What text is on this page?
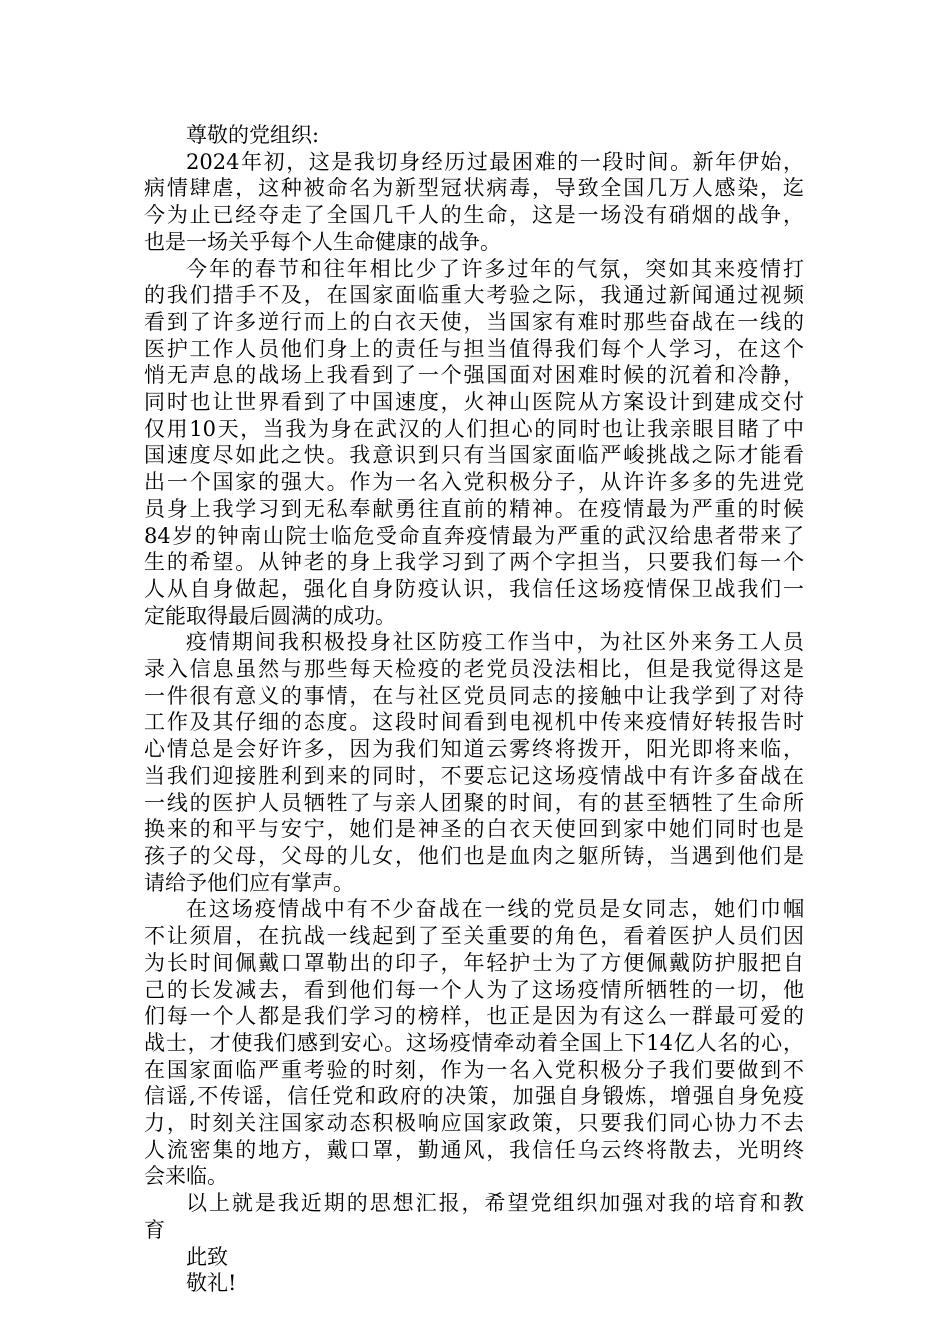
尊敬的党组织:
2024年初，这是我切身经历过最困难的一段时间。新年伊始，
病情肆虐，这种被命名为新型冠状病毒，导致全国几万人感染，迄
今为止已经夺走了全国几千人的生命，这是一场没有硝烟的战争，
也是一场关乎每个人生命健康的战争。
今年的春节和往年相比少了许多过年的气氛，突如其来疫情打
的我们措手不及，在国家面临重大考验之际，我通过新闻通过视频
看到了许多逆行而上的白衣天使，当国家有难时那些奋战在一线的
医护工作人员他们身上的责任与担当值得我们每个人学习，在这个
悄无声息的战场上我看到了一个强国面对困难时候的沉着和冷静，
同时也让世界看到了中国速度，火神山医院从方案设计到建成交付
仅用10天，当我为身在武汉的人们担心的同时也让我亲眼目睹了中
国速度尽如此之快。我意识到只有当国家面临严峻挑战之际才能看
出一个国家的强大。作为一名入党积极分子，从许许多多的先进党
员身上我学习到无私奉献勇往直前的精神。在疫情最为严重的时候
84岁的钟南山院士临危受命直奔疫情最为严重的武汉给患者带来了
生的希望。从钟老的身上我学习到了两个字担当，只要我们每一个
人从自身做起，强化自身防疫认识，我信任这场疫情保卫战我们一
定能取得最后圆满的成功。
疫情期间我积极投身社区防疫工作当中，为社区外来务工人员
录入信息虽然与那些每天检疫的老党员没法相比，但是我觉得这是
一件很有意义的事情，在与社区党员同志的接触中让我学到了对待
工作及其仔细的态度。这段时间看到电视机中传来疫情好转报告时
心情总是会好许多，因为我们知道云雾终将拨开，阳光即将来临，
当我们迎接胜利到来的同时，不要忘记这场疫情战中有许多奋战在
一线的医护人员牺牲了与亲人团聚的时间，有的甚至牺牲了生命所
换来的和平与安宁，她们是神圣的白衣天使回到家中她们同时也是
孩子的父母，父母的儿女，他们也是血肉之躯所铸，当遇到他们是
请给予他们应有掌声。
在这场疫情战中有不少奋战在一线的党员是女同志，她们巾帼
不让须眉，在抗战一线起到了至关重要的角色，看着医护人员们因
为长时间佩戴口罩勒出的印子，年轻护士为了方便佩戴防护服把自
己的长发减去，看到他们每一个人为了这场疫情所牺牲的一切，他
们每一个人都是我们学习的榜样，也正是因为有这么一群最可爱的
战士，才使我们感到安心。这场疫情牵动着全国上下14亿人名的心，
在国家面临严重考验的时刻，作为一名入党积极分子我们要做到不
信谣,不传谣，信任党和政府的决策，加强自身锻炼，增强自身免疫
力，时刻关注国家动态积极响应国家政策，只要我们同心协力不去
人流密集的地方，戴口罩，勤通风，我信任乌云终将散去，光明终
会来临。
以上就是我近期的思想汇报，希望党组织加强对我的培育和教
育
此致
敬礼!
